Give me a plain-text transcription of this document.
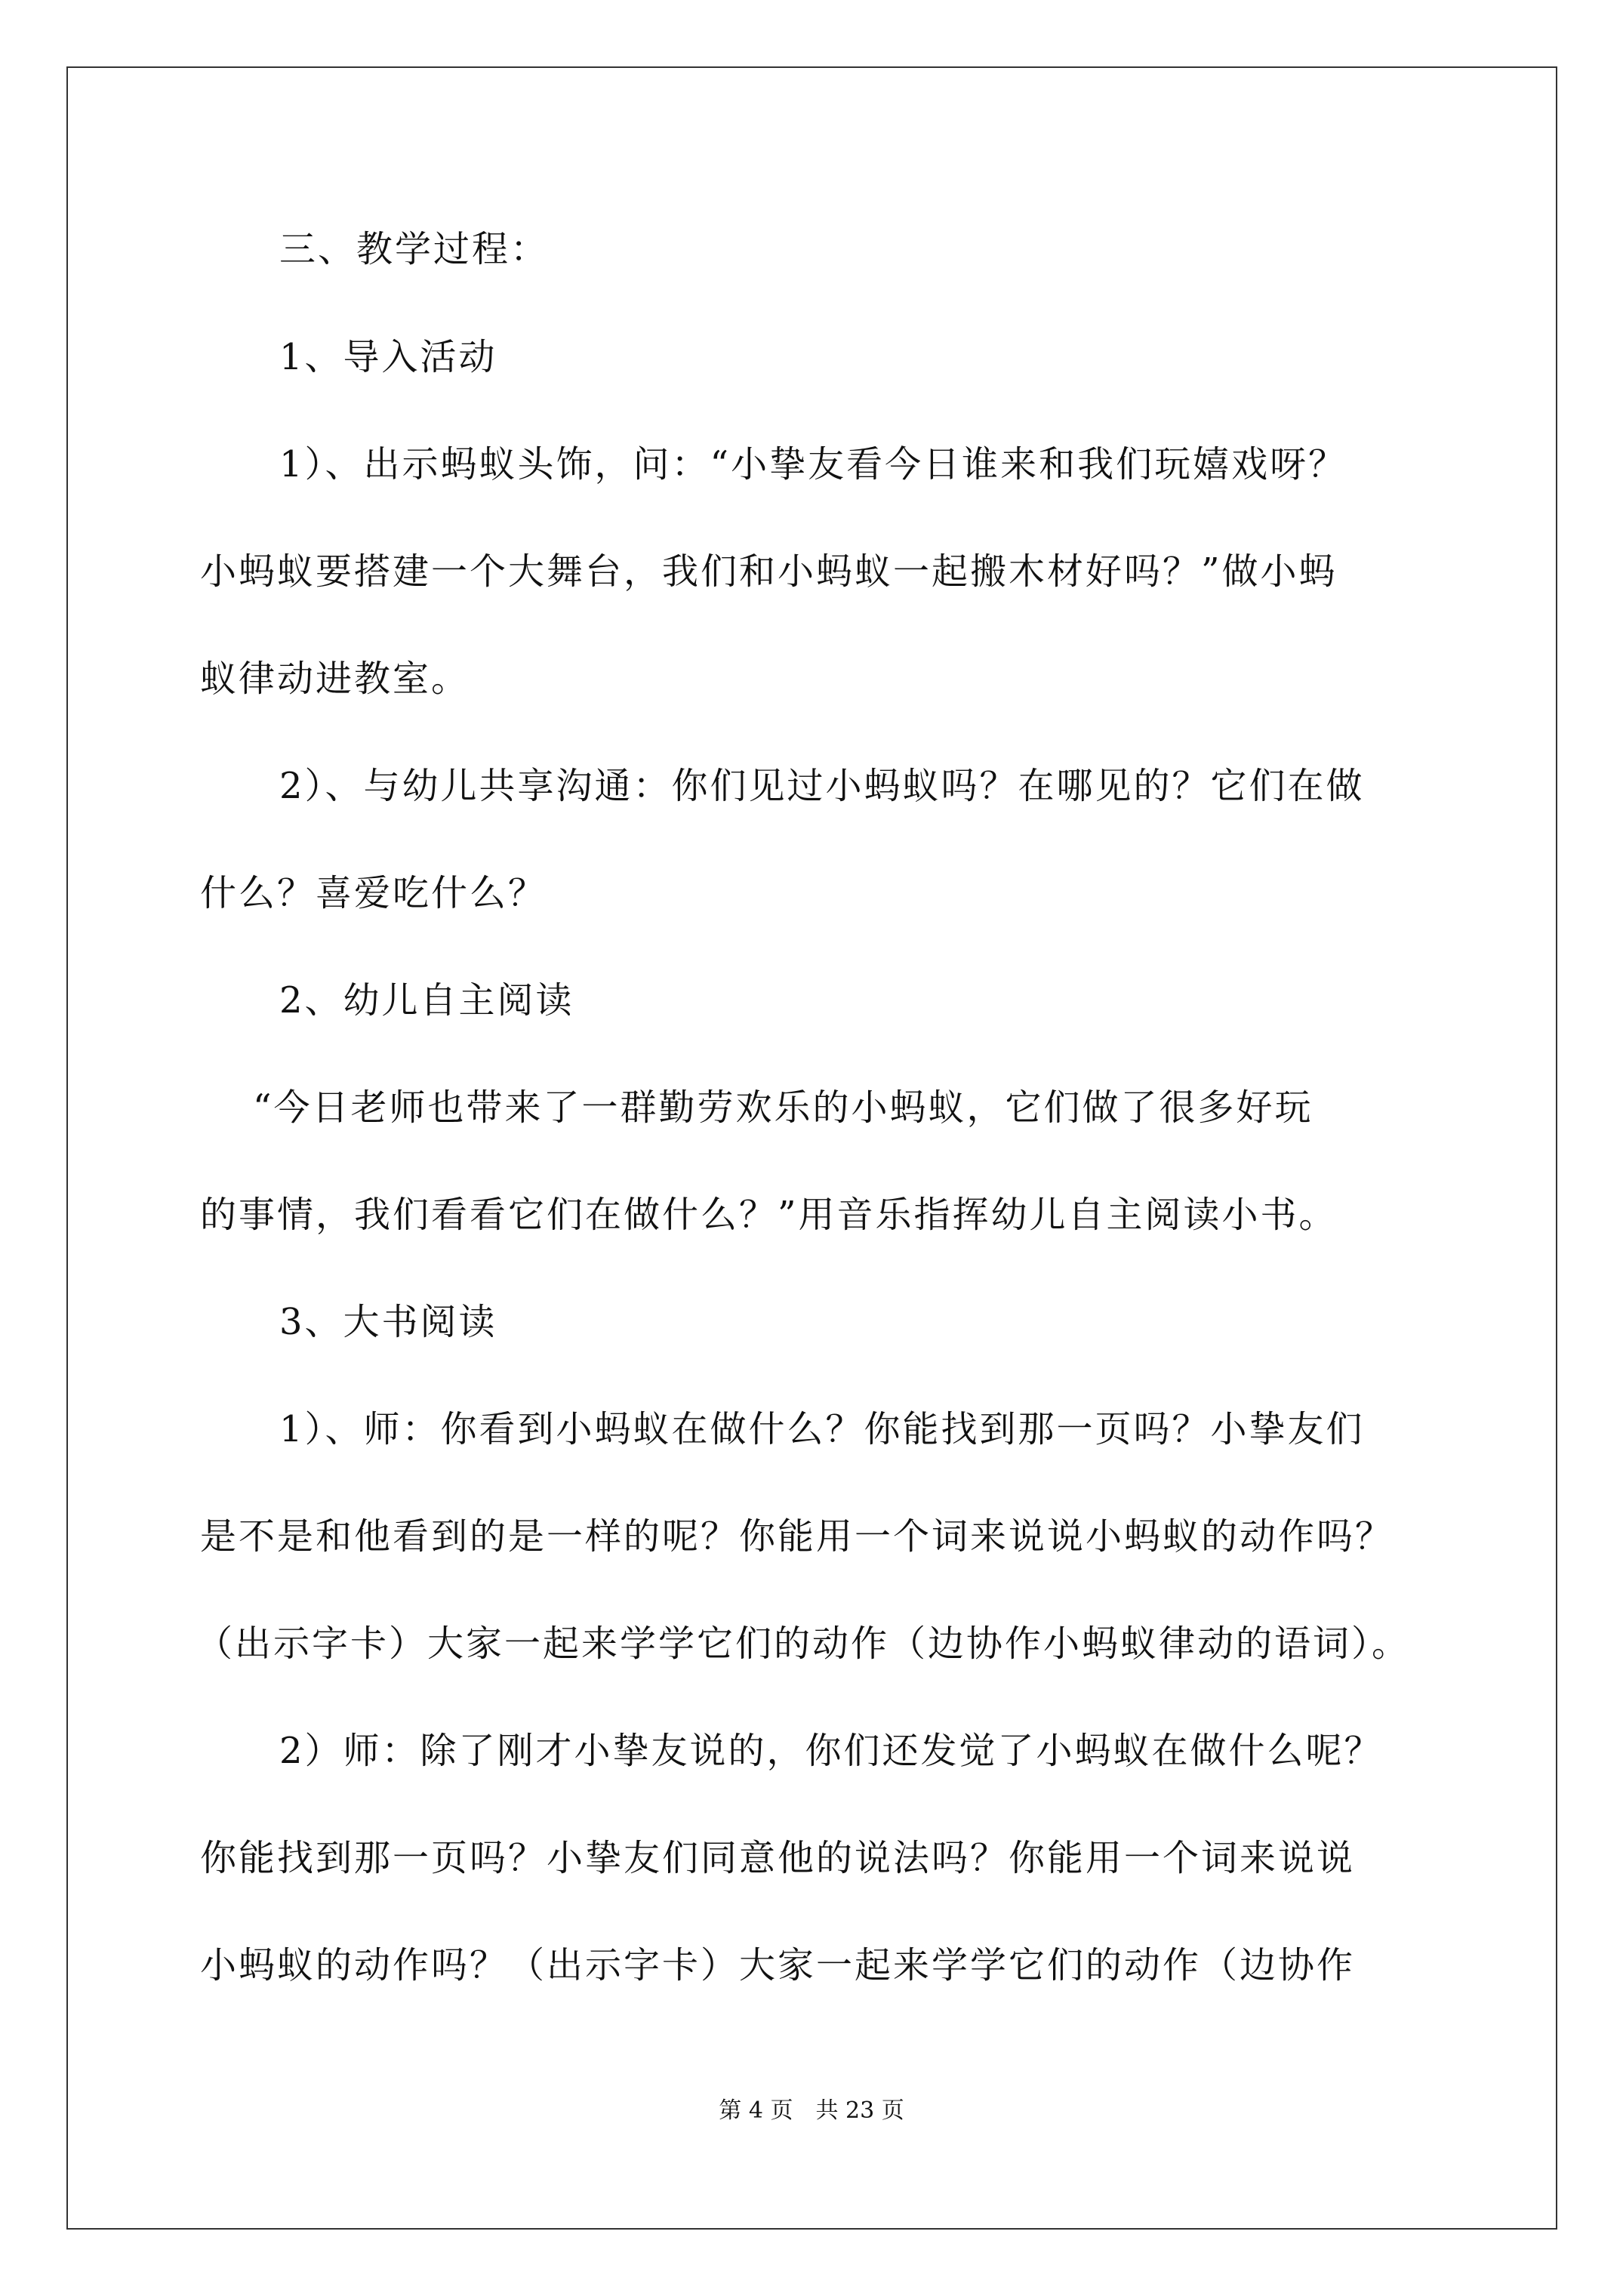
三、教学过程：
1、导入活动
1）、出示蚂蚁头饰，问：“小挚友看今日谁来和我们玩嬉戏呀？
小蚂蚁要搭建一个大舞台，我们和小蚂蚁一起搬木材好吗？”做小蚂
蚁律动进教室。
2）、与幼儿共享沟通：你们见过小蚂蚁吗？在哪见的？它们在做
什么？喜爱吃什么？
2、幼儿自主阅读
“今日老师也带来了一群勤劳欢乐的小蚂蚁，它们做了很多好玩
的事情，我们看看它们在做什么？”用音乐指挥幼儿自主阅读小书。
3、大书阅读
1）、师：你看到小蚂蚁在做什么？你能找到那一页吗？小挚友们
是不是和他看到的是一样的呢？你能用一个词来说说小蚂蚁的动作吗？
（出示字卡）大家一起来学学它们的动作（边协作小蚂蚁律动的语词）。
2）师：除了刚才小挚友说的，你们还发觉了小蚂蚁在做什么呢？
你能找到那一页吗？小挚友们同意他的说法吗？你能用一个词来说说
小蚂蚁的动作吗？（出示字卡）大家一起来学学它们的动作（边协作
第 4 页　共 23 页
